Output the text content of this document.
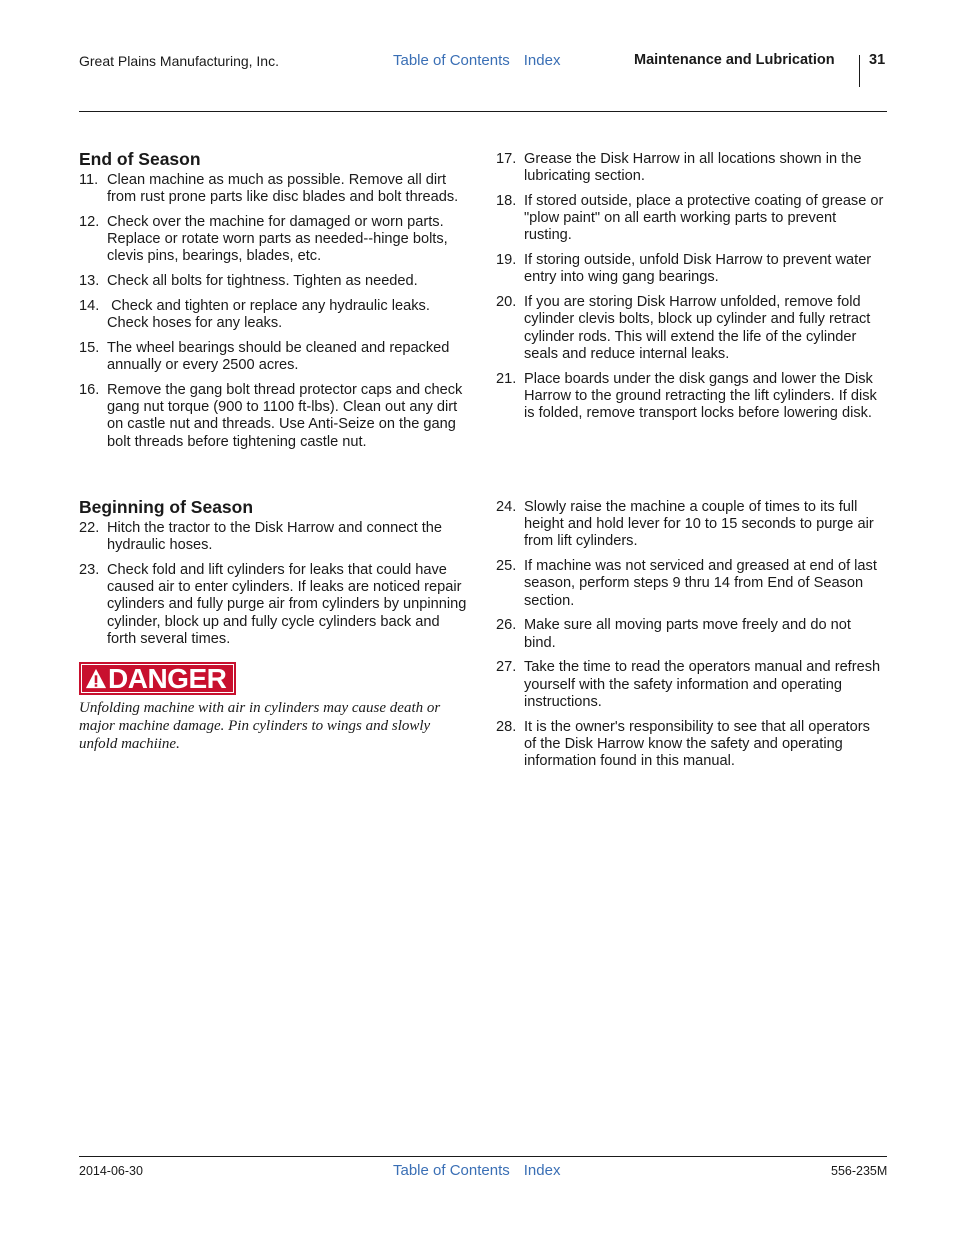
Great Plains Manufacturing, Inc.	Table of Contents Index	Maintenance and Lubrication 31
End of Season
11. Clean machine as much as possible. Remove all dirt from rust prone parts like disc blades and bolt threads.
12. Check over the machine for damaged or worn parts. Replace or rotate worn parts as needed--hinge bolts, clevis pins, bearings, blades, etc.
13. Check all bolts for tightness. Tighten as needed.
14. Check and tighten or replace any hydraulic leaks. Check hoses for any leaks.
15. The wheel bearings should be cleaned and repacked annually or every 2500 acres.
16. Remove the gang bolt thread protector caps and check gang nut torque (900 to 1100 ft-lbs). Clean out any dirt on castle nut and threads. Use Anti-Seize on the gang bolt threads before tightening castle nut.
17. Grease the Disk Harrow in all locations shown in the lubricating section.
18. If stored outside, place a protective coating of grease or "plow paint" on all earth working parts to prevent rusting.
19. If storing outside, unfold Disk Harrow to prevent water entry into wing gang bearings.
20. If you are storing Disk Harrow unfolded, remove fold cylinder clevis bolts, block up cylinder and fully retract cylinder rods. This will extend the life of the cylinder seals and reduce internal leaks.
21. Place boards under the disk gangs and lower the Disk Harrow to the ground retracting the lift cylinders. If disk is folded, remove transport locks before lowering disk.
Beginning of Season
22. Hitch the tractor to the Disk Harrow and connect the hydraulic hoses.
23. Check fold and lift cylinders for leaks that could have caused air to enter cylinders. If leaks are noticed repair cylinders and fully purge air from cylinders by unpinning cylinder, block up and fully cycle cylinders back and forth several times.
DANGER
Unfolding machine with air in cylinders may cause death or major machine damage. Pin cylinders to wings and slowly unfold machiine.
24. Slowly raise the machine a couple of times to its full height and hold lever for 10 to 15 seconds to purge air from lift cylinders.
25. If machine was not serviced and greased at end of last season, perform steps 9 thru 14 from End of Season section.
26. Make sure all moving parts move freely and do not bind.
27. Take the time to read the operators manual and refresh yourself with the safety information and operating instructions.
28. It is the owner's responsibility to see that all operators of the Disk Harrow know the safety and operating information found in this manual.
2014-06-30	Table of Contents Index	556-235M
